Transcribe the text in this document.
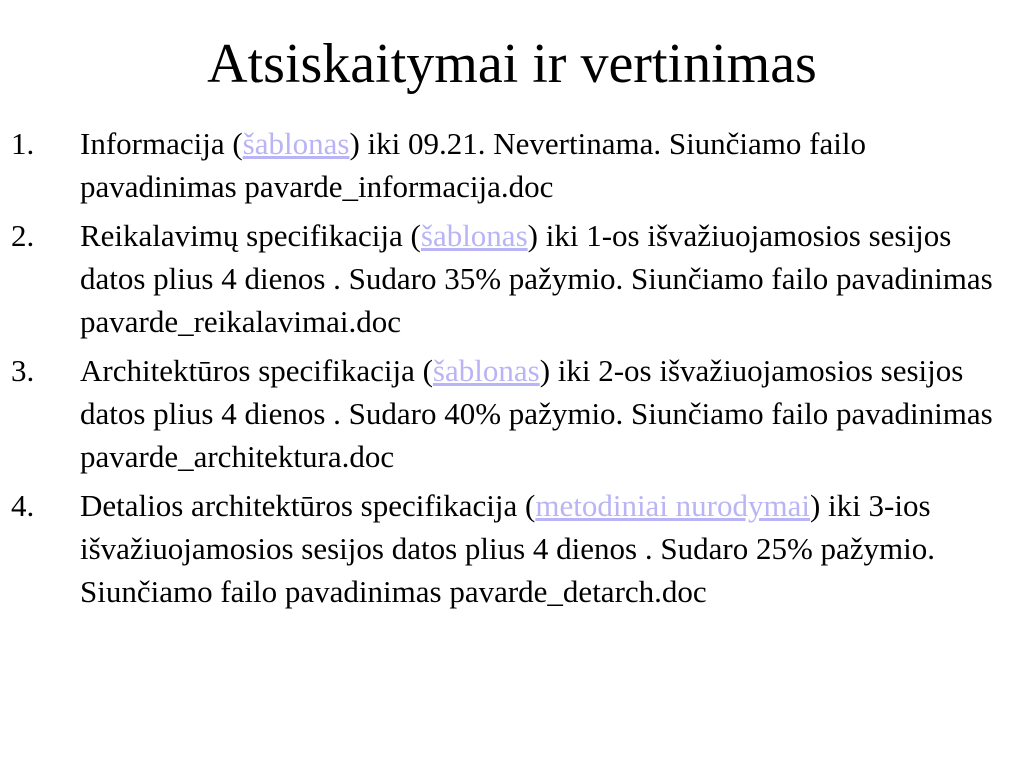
Atsiskaitymai ir vertinimas
1. Informacija (šablonas) iki 09.21. Nevertinama. Siunčiamo failo pavadinimas pavarde_informacija.doc
2. Reikalavimų specifikacija (šablonas) iki 1-os išvažiuojamosios sesijos datos plius 4 dienos . Sudaro 35% pažymio. Siunčiamo failo pavadinimas pavarde_reikalavimai.doc
3. Architektūros specifikacija (šablonas) iki 2-os išvažiuojamosios sesijos datos plius 4 dienos . Sudaro 40% pažymio. Siunčiamo failo pavadinimas pavarde_architektura.doc
4. Detalios architektūros specifikacija (metodiniai nurodymai) iki 3-ios išvažiuojamosios sesijos datos plius 4 dienos . Sudaro 25% pažymio. Siunčiamo failo pavadinimas pavarde_detarch.doc
